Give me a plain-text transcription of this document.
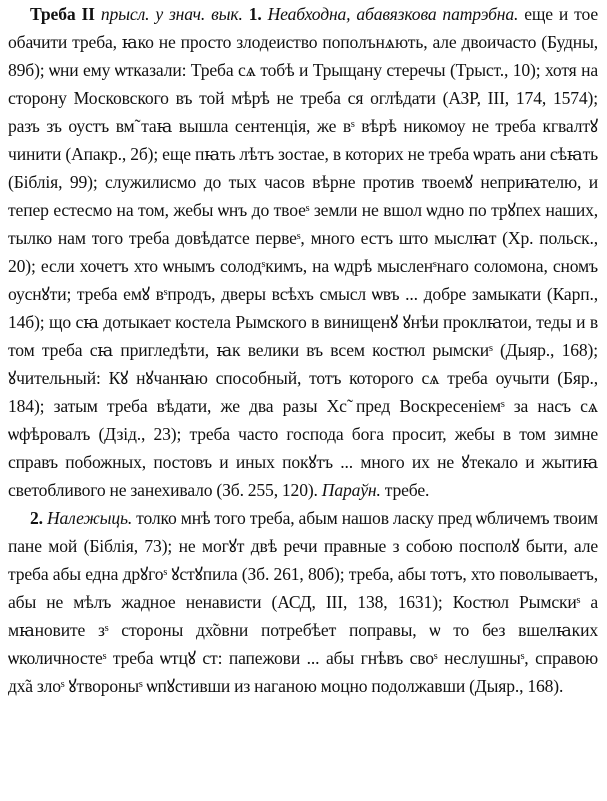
Треба II прысл. у знач. вык. 1. Неабходна, абавязкова патрэбна. еще и тое обачити треба, ꙗко не просто злодеиство пополънѧють, але двоичасто (Будны, 89б); ѡни ему ѡтказали: Треба сѧ тобѣ и Трыщану стеречы (Трыст., 10); хотя на сторону Московского въ той мѣрѣ не треба ся оглѣдати (АЗР, III, 174, 1574); разъ зъ оустъ вм̃ таꙗ вышла сентенція, же вˢ вѣрѣ никомоу не треба кгвалтꙋ чинити (Апакр., 2б); еще пꙗть лѣтъ зостае, в которих не треба ѡрать ани сѣꙗть (Біблія, 99); служилисмо до тых часов вѣрне против твоемꙋ неприꙗтелю, и тепер естесмо на том, жебы ѡнъ до твоеˢ земли не вшол ѡдно по трꙋпех наших, тылко нам того треба довѣдатсе первеˢ, много естъ што мыслꙗт (Хр. польск., 20); если хочетъ хто ѡнымъ солодˢкимъ, на ѡдрѣ мысленˢнаго соломона, сномъ оуснꙋти; треба емꙋ вˢпродъ, дверы всѣхъ смысл ѡвъ ... добре замыкати (Карп., 14б); що сꙗ дотыкает костела Рымского в винищенꙋ ꙋнѣи проклꙗтои, теды и в том треба сꙗ пригледѣти, ꙗк велики въ всем костюл рымскиˢ (Дыяр., 168); ꙋчительный: Кꙋ нꙋчанꙗю способный, тотъ которого сѧ треба оучыти (Бяр., 184); затым треба вѣдати, же два разы Хс̃ пред Воскресенiемˢ за насъ сѧ ѡфѣровалъ (Дзід., 23); треба часто господа бога просит, жебы в том зимне справъ побожных, постовъ и иных покꙋтъ ... много их не ꙋтекало и жытиꙗ светобливого не занехивало (Зб. 255, 120). Параўн. требе.

2. Належыць. толко мнѣ того треба, абым нашов ласку пред ѡбличемъ твоим пане мой (Біблія, 73); не могꙋт двѣ речи правные з собою посполꙋ быти, але треба абы една дрꙋгоˢ ꙋстꙋпила (Зб. 261, 80б); треба, абы тотъ, хто поволываетъ, абы не мѣлъ жадное ненависти (АСД, III, 138, 1631); Костюл Рымскиˢ а мꙗновите зˢ стороны дх̃овни потребѣет поправы, ѡ то без вшелꙗких ѡколичностеˢ треба ѡтцꙋ ст: папежови ... абы гнѣвъ своˢ неслушныˢ, справою дх̃а злоˢ ꙋтвороныˢ ѡпꙋстивши из наганою моцно подолжавши (Дыяр., 168).
